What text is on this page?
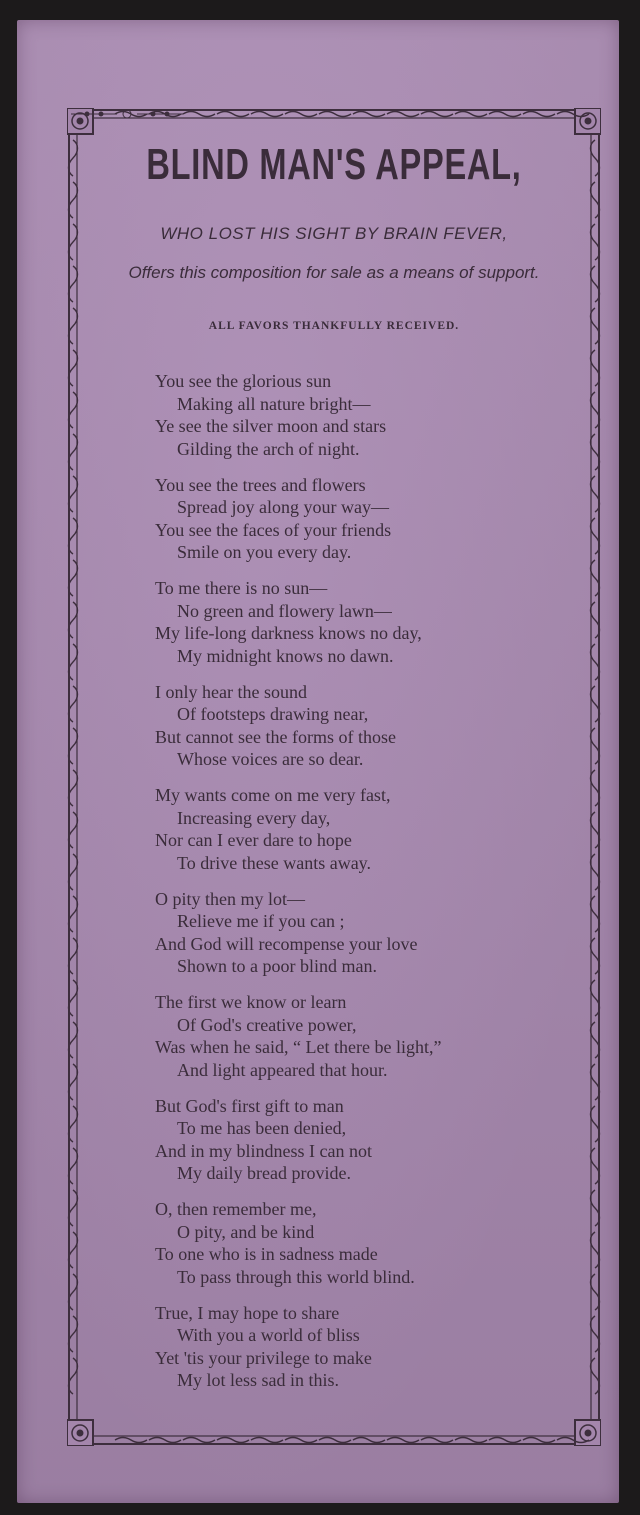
BLIND MAN'S APPEAL,
WHO LOST HIS SIGHT BY BRAIN FEVER,
Offers this composition for sale as a means of support.
ALL FAVORS THANKFULLY RECEIVED.
You see the glorious sun
Making all nature bright—
Ye see the silver moon and stars
Gilding the arch of night.
You see the trees and flowers
Spread joy along your way—
You see the faces of your friends
Smile on you every day.
To me there is no sun—
No green and flowery lawn—
My life-long darkness knows no day,
My midnight knows no dawn.
I only hear the sound
Of footsteps drawing near,
But cannot see the forms of those
Whose voices are so dear.
My wants come on me very fast,
Increasing every day,
Nor can I ever dare to hope
To drive these wants away.
O pity then my lot—
Relieve me if you can ;
And God will recompense your love
Shown to a poor blind man.
The first we know or learn
Of God's creative power,
Was when he said, “ Let there be light,”
And light appeared that hour.
But God's first gift to man
To me has been denied,
And in my blindness I can not
My daily bread provide.
O, then remember me,
O pity, and be kind
To one who is in sadness made
To pass through this world blind.
True, I may hope to share
With you a world of bliss
Yet 'tis your privilege to make
My lot less sad in this.
